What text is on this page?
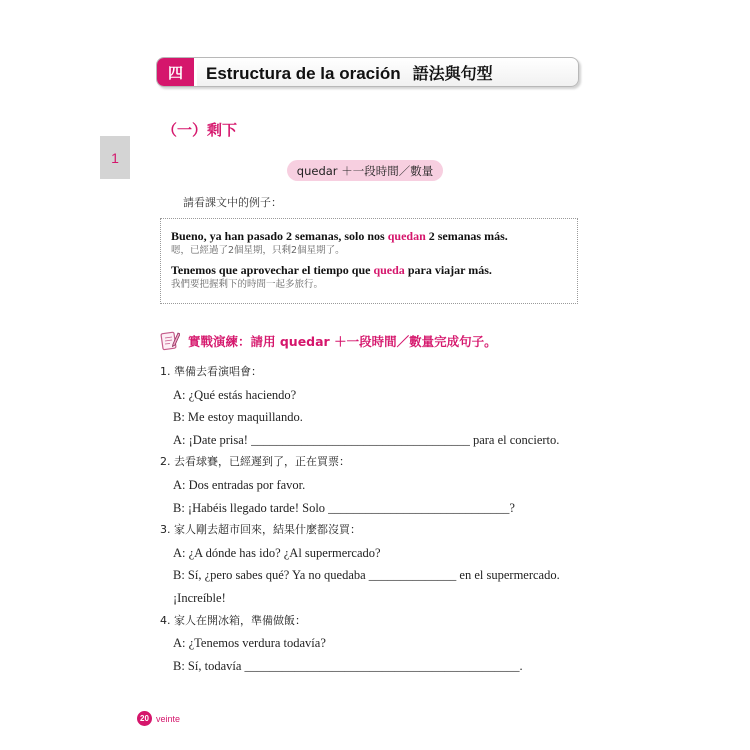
1
四	Estructura de la oración 語法與句型
（一）剩下
quedar ＋一段時間／數量
請看課文中的例子：
Bueno, ya han pasado 2 semanas, solo nos quedan 2 semanas más.
嗯，已經過了2個星期，只剩2個星期了。
Tenemos que aprovechar el tiempo que queda para viajar más.
我們要把握剩下的時間一起多旅行。
實戰演練：請用 quedar ＋一段時間／數量完成句子。
1. 準備去看演唱會：
A: ¿Qué estás haciendo?
B: Me estoy maquillando.
A: ¡Date prisa! ___________________________________ para el concierto.
2. 去看球賽，已經遲到了，正在買票：
A: Dos entradas por favor.
B: ¡Habéis llegado tarde! Solo _____________________________?
3. 家人剛去超市回來，結果什麼都沒買：
A: ¿A dónde has ido? ¿Al supermercado?
B: Sí, ¿pero sabes qué? Ya no quedaba ______________ en el supermercado.
¡Increíble!
4. 家人在開冰箱，準備做飯：
A: ¿Tenemos verdura todavía?
B: Sí, todavía ____________________________________________.
20 veinte
